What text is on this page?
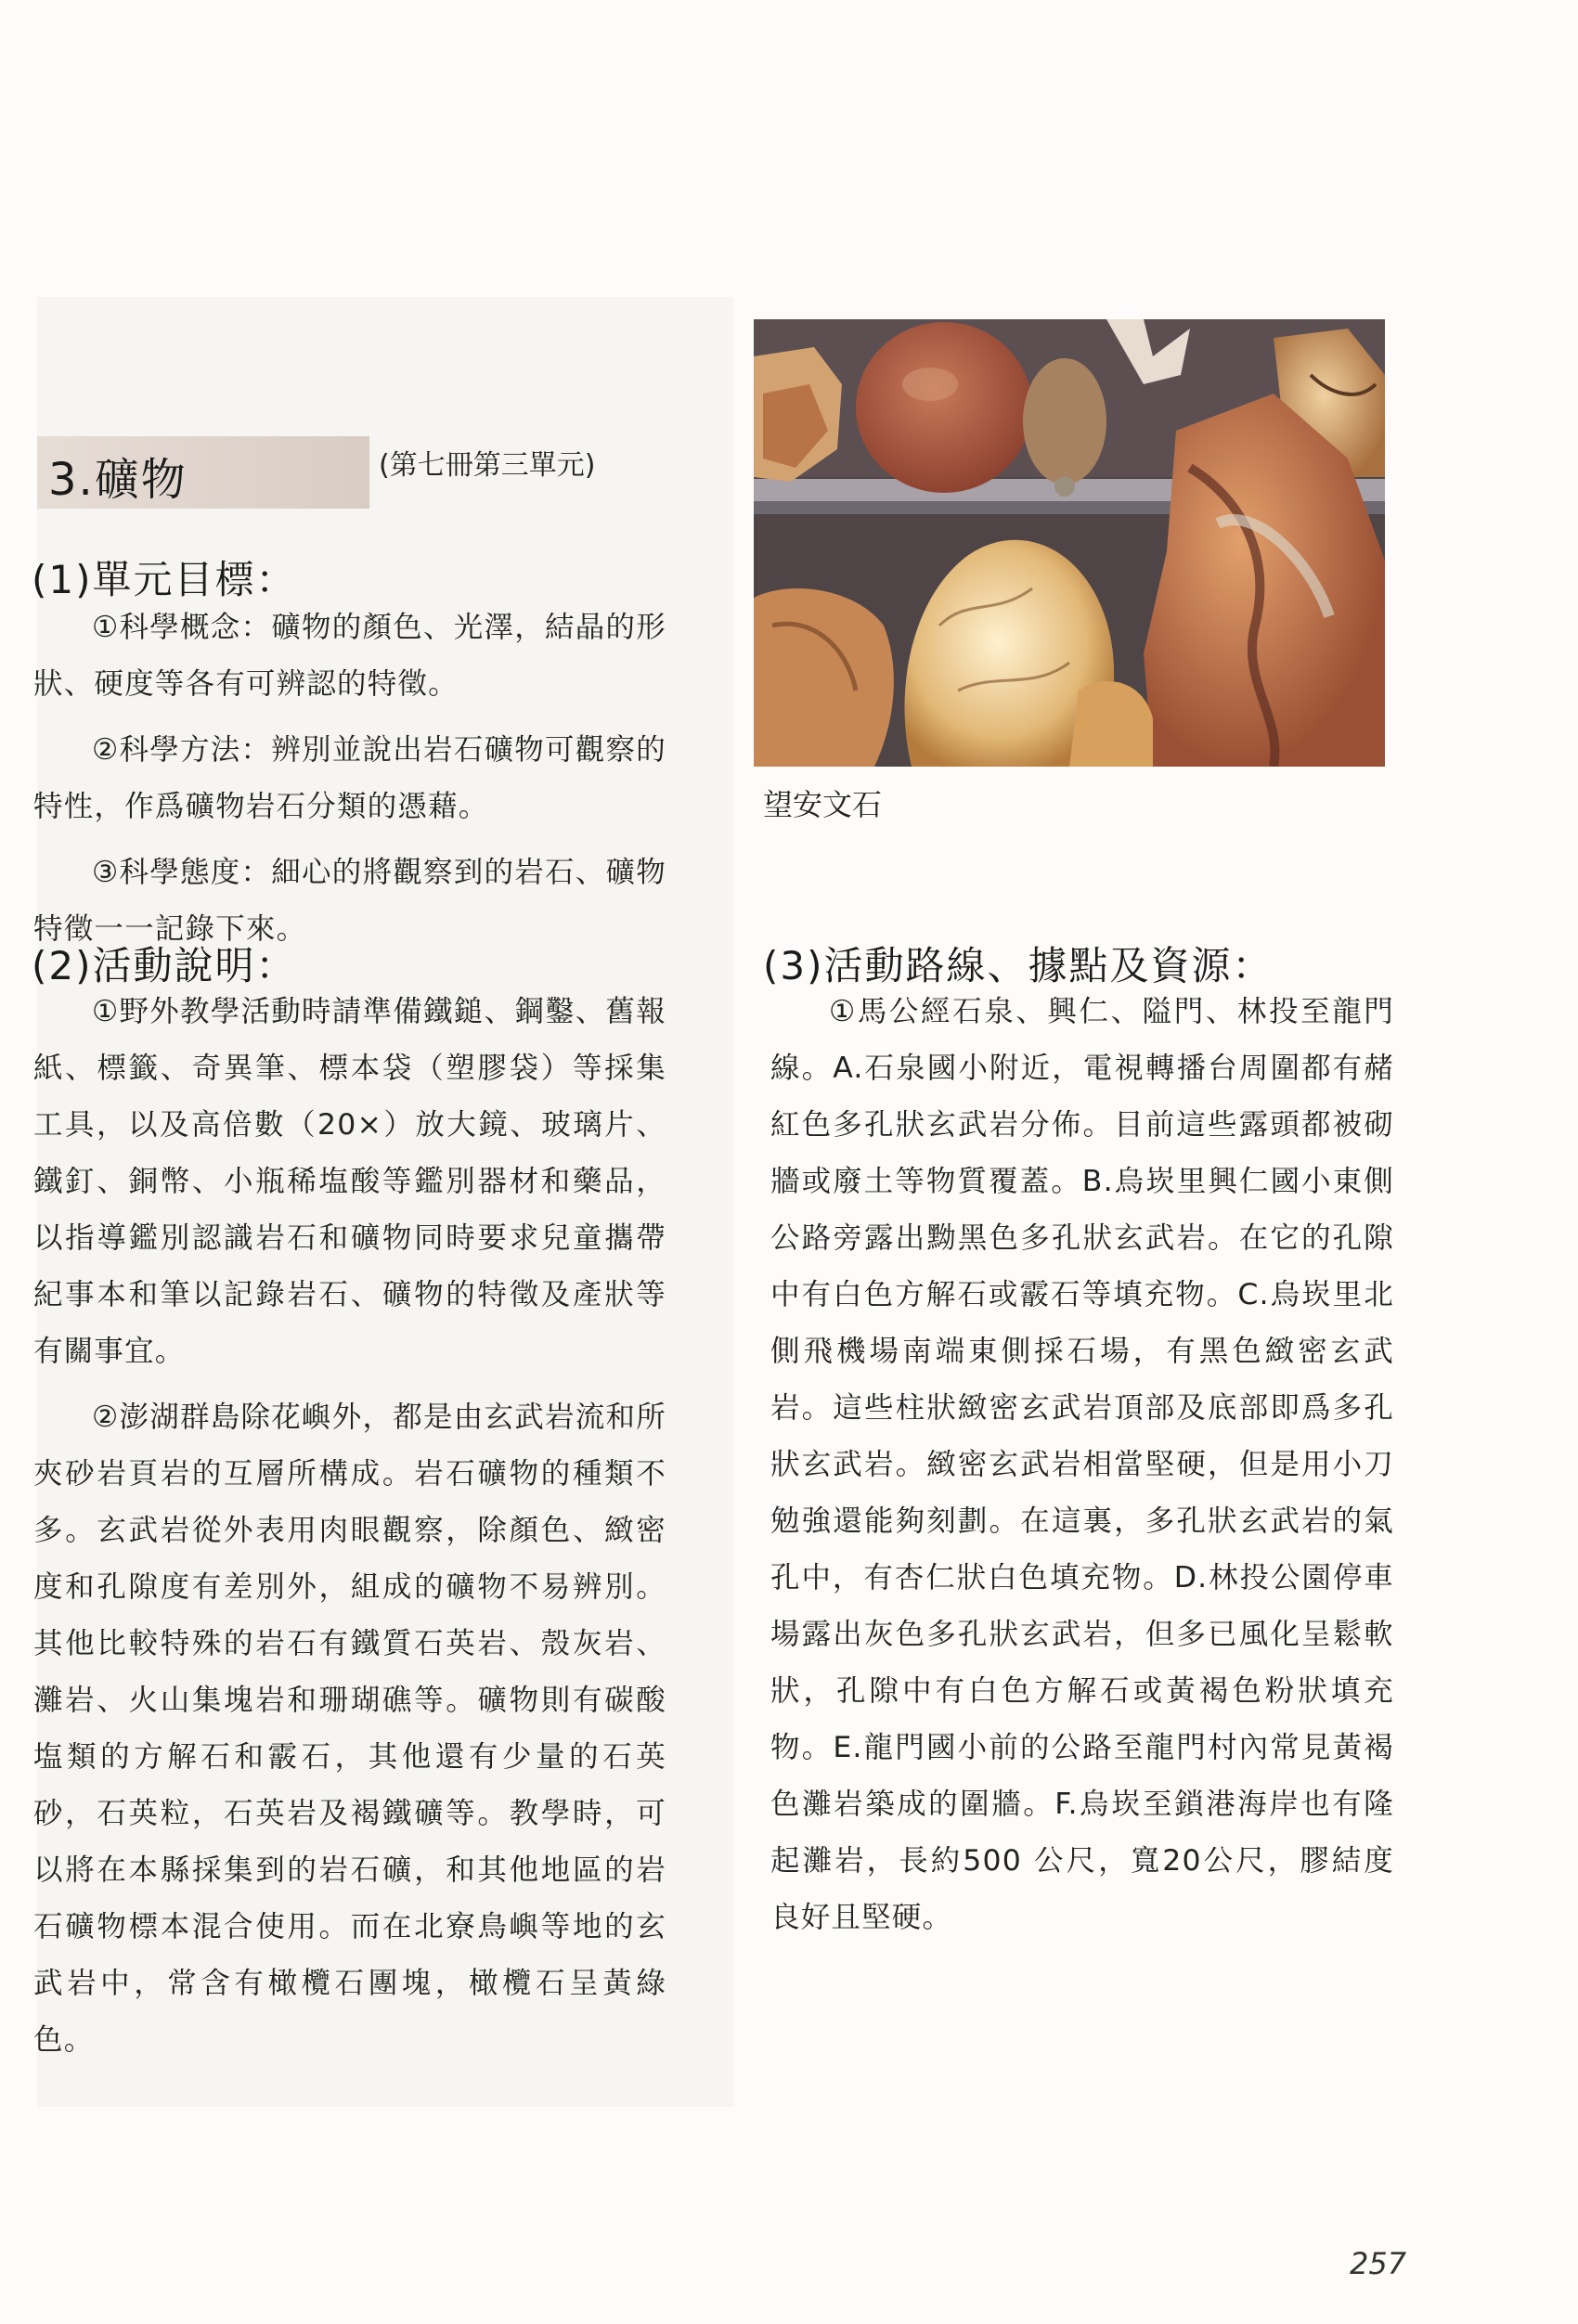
3.礦物	(第七冊第三單元)
望安文石
(1)單元目標：

①科學概念：礦物的顏色、光澤，結晶的形狀、硬度等各有可辨認的特徵。

②科學方法：辨別並說出岩石礦物可觀察的特性，作爲礦物岩石分類的憑藉。

③科學態度：細心的將觀察到的岩石、礦物特徵一一記錄下來。

(2)活動說明：

①野外教學活動時請準備鐵鎚、鋼鑿、舊報紙、標籤、奇異筆、標本袋（塑膠袋）等採集工具，以及高倍數（20×）放大鏡、玻璃片、鐵釘、銅幣、小瓶稀塩酸等鑑別器材和藥品，以指導鑑別認識岩石和礦物同時要求兒童攜帶紀事本和筆以記錄岩石、礦物的特徵及產狀等有關事宜。

②澎湖群島除花嶼外，都是由玄武岩流和所夾砂岩頁岩的互層所構成。岩石礦物的種類不多。玄武岩從外表用肉眼觀察，除顏色、緻密度和孔隙度有差別外，組成的礦物不易辨別。其他比較特殊的岩石有鐵質石英岩、殼灰岩、灘岩、火山集塊岩和珊瑚礁等。礦物則有碳酸塩類的方解石和霰石，其他還有少量的石英砂，石英粒，石英岩及褐鐵礦等。教學時，可以將在本縣採集到的岩石礦，和其他地區的岩石礦物標本混合使用。而在北寮鳥嶼等地的玄武岩中，常含有橄欖石團塊，橄欖石呈黃綠色。

(3)活動路線、據點及資源：

①馬公經石泉、興仁、隘門、林投至龍門線。A.石泉國小附近，電視轉播台周圍都有赭紅色多孔狀玄武岩分佈。目前這些露頭都被砌牆或廢土等物質覆蓋。B.烏崁里興仁國小東側公路旁露出黝黑色多孔狀玄武岩。在它的孔隙中有白色方解石或霰石等填充物。C.烏崁里北側飛機場南端東側採石場，有黑色緻密玄武岩。這些柱狀緻密玄武岩頂部及底部即爲多孔狀玄武岩。緻密玄武岩相當堅硬，但是用小刀勉強還能夠刻劃。在這裏，多孔狀玄武岩的氣孔中，有杏仁狀白色填充物。D.林投公園停車場露出灰色多孔狀玄武岩，但多已風化呈鬆軟狀，孔隙中有白色方解石或黃褐色粉狀填充物。E.龍門國小前的公路至龍門村內常見黃褐色灘岩築成的圍牆。F.烏崁至鎖港海岸也有隆起灘岩，長約500 公尺，寬20公尺，膠結度良好且堅硬。

257
